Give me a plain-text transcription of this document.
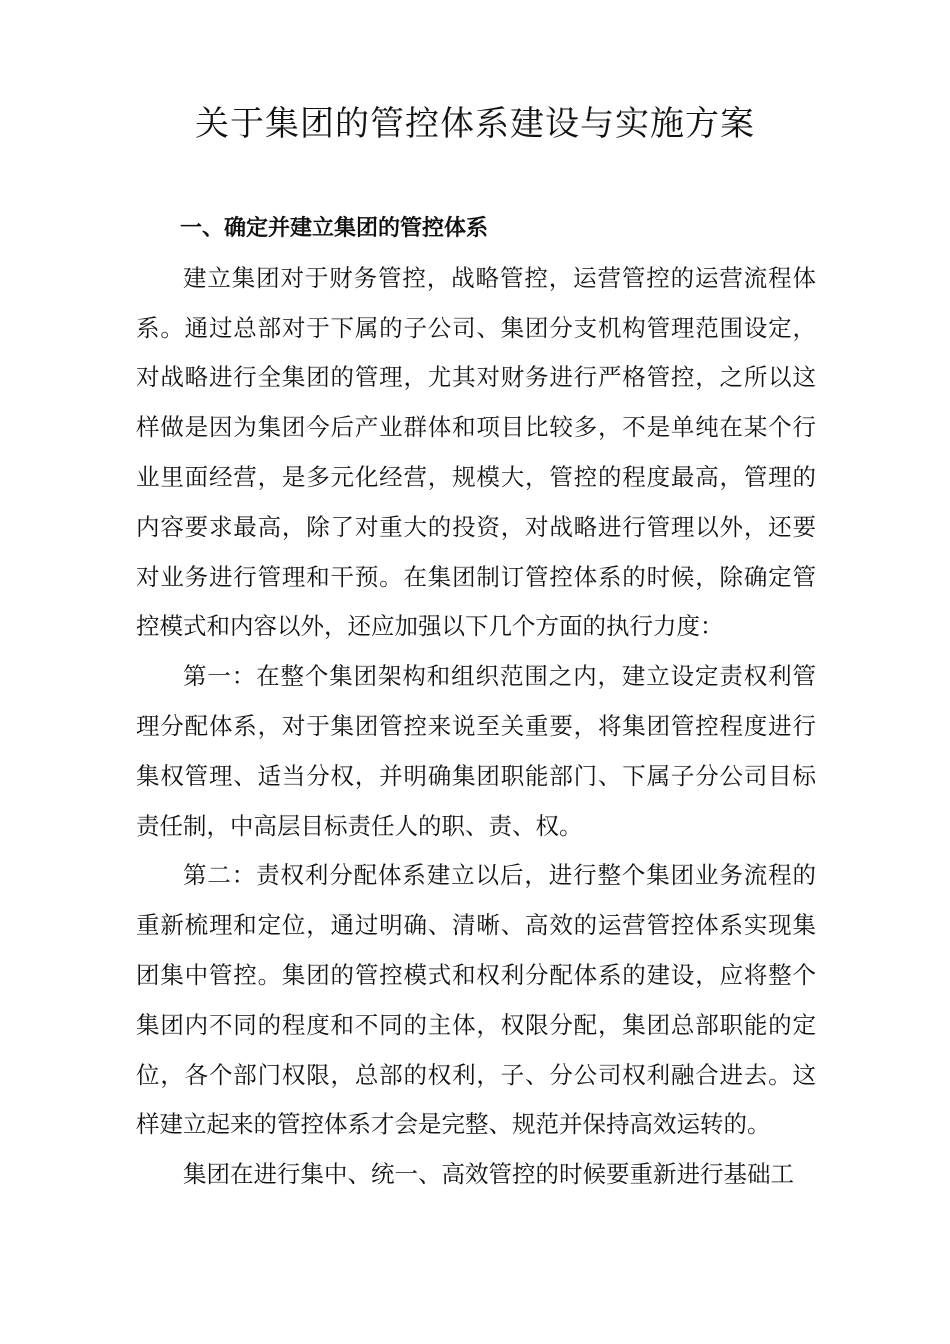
关于集团的管控体系建设与实施方案
一、确定并建立集团的管控体系

建立集团对于财务管控，战略管控，运营管控的运营流程体系。通过总部对于下属的子公司、集团分支机构管理范围设定，对战略进行全集团的管理，尤其对财务进行严格管控，之所以这样做是因为集团今后产业群体和项目比较多，不是单纯在某个行业里面经营，是多元化经营，规模大，管控的程度最高，管理的内容要求最高，除了对重大的投资，对战略进行管理以外，还要对业务进行管理和干预。在集团制订管控体系的时候，除确定管控模式和内容以外，还应加强以下几个方面的执行力度：

第一：在整个集团架构和组织范围之内，建立设定责权利管理分配体系，对于集团管控来说至关重要，将集团管控程度进行集权管理、适当分权，并明确集团职能部门、下属子分公司目标责任制，中高层目标责任人的职、责、权。

第二：责权利分配体系建立以后，进行整个集团业务流程的重新梳理和定位，通过明确、清晰、高效的运营管控体系实现集团集中管控。集团的管控模式和权利分配体系的建设，应将整个集团内不同的程度和不同的主体，权限分配，集团总部职能的定位，各个部门权限，总部的权利，子、分公司权利融合进去。这样建立起来的管控体系才会是完整、规范并保持高效运转的。

集团在进行集中、统一、高效管控的时候要重新进行基础工
